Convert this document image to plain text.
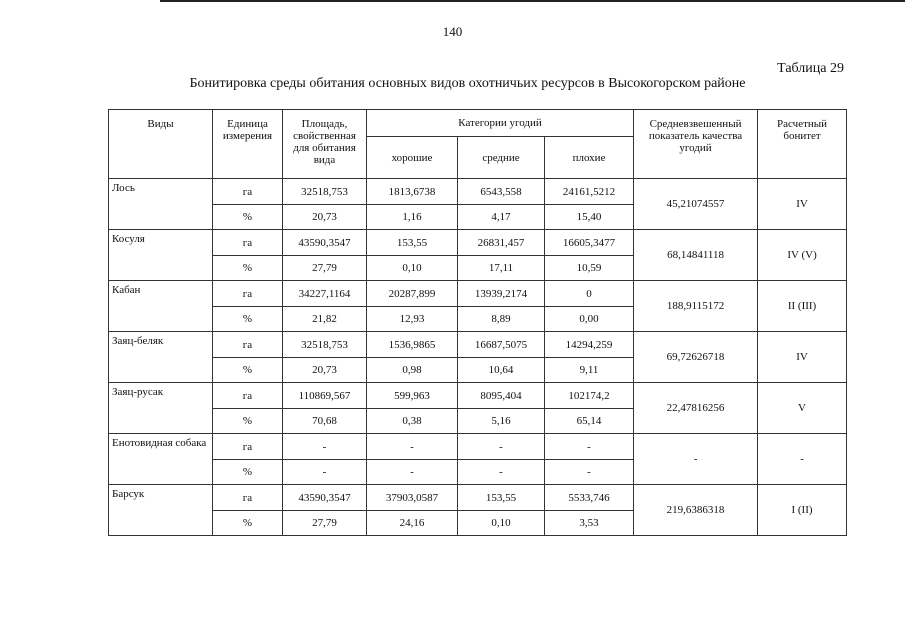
140
Таблица 29
Бонитировка среды обитания основных видов охотничьих ресурсов в Высокогорском районе
Виды	Единица измерения	Площадь, свойственная для обитания вида	Категории угодий			Средневзвешенный показатель качества угодий	Расчетный бонитет
			хорошие	средние	плохие		
Лось	га	32518,753	1813,6738	6543,558	24161,5212	45,21074557	IV
	%	20,73	1,16	4,17	15,40		
Косуля	га	43590,3547	153,55	26831,457	16605,3477	68,14841118	IV (V)
	%	27,79	0,10	17,11	10,59		
Кабан	га	34227,1164	20287,899	13939,2174	0	188,9115172	II (III)
	%	21,82	12,93	8,89	0,00		
Заяц-беляк	га	32518,753	1536,9865	16687,5075	14294,259	69,72626718	IV
	%	20,73	0,98	10,64	9,11		
Заяц-русак	га	110869,567	599,963	8095,404	102174,2	22,47816256	V
	%	70,68	0,38	5,16	65,14		
Енотовидная собака	га	-	-	-	-	-	-
	%	-	-	-	-		
Барсук	га	43590,3547	37903,0587	153,55	5533,746	219,6386318	I (II)
	%	27,79	24,16	0,10	3,53		
